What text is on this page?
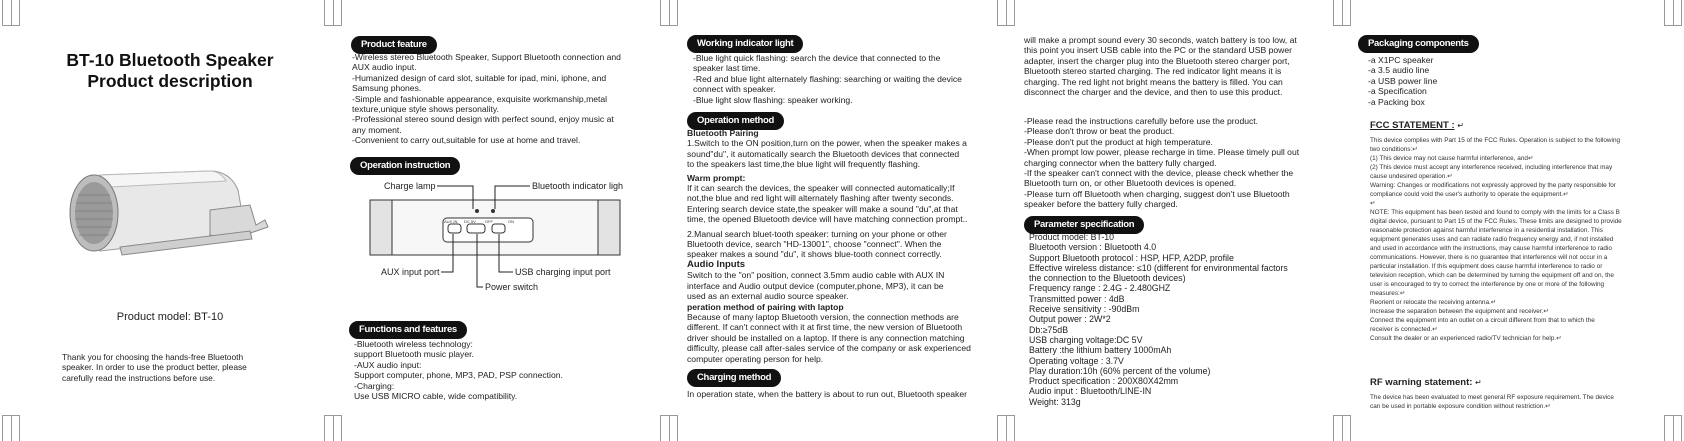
BT-10 Bluetooth Speaker
Product description
Product model: BT-10

Thank you for choosing the hands-free Bluetooth

speaker. In order to use the product better, please

carefully read the instructions before use.

Product feature

-Wireless stereo Bluetooth Speaker, Support Bluetooth connection and

AUX audio input.

-Humanized design of card slot, suitable for ipad, mini, iphone, and

Samsung phones.

-Simple and fashionable appearance, exquisite workmanship,metal

texture,unique style shows personality.

-Professional stereo sound design with perfect sound, enjoy music at

any moment.

-Convenient to carry out,suitable for use at home and travel.

Operation instruction
Charge lamp	Bluetooth indicator ligh
AUX IN DC 5V OFF	ON
AUX input port	USB charging input port
Power switch
Functions and features

-Bluetooth wireless technology:

support Bluetooth music player.

-AUX audio input:

Support computer, phone, MP3, PAD, PSP connection.

-Charging:

Use USB MICRO cable, wide compatibility.

Working indicator light

-Blue light quick flashing: search the device that connected to the

speaker last time.

-Red and blue light alternately flashing: searching or waiting the device

connect with speaker.

-Blue light slow flashing: speaker working.

Operation method

Bluetooth Pairing

1.Switch to the ON position,turn on the power, when the speaker makes a

sound"du", it automatically search the Bluetooth devices that connected

to the speakers last time,the blue light will frequently flashing.

Warm prompt:

If it can search the devices, the speaker will connected automatically;If

not,the blue and red light will alternately flashing after twenty seconds.

Entering search device state,the speaker will make a sound "du",at that

time, the opened Bluetooth device will have matching connection prompt..

2.Manual search bluet-tooth speaker: turning on your phone or other

Bluetooth device, search "HD-13001", choose "connect". When the

speaker makes a sound "du", it shows blue-tooth connect correctly.

Audio Inputs

Switch to the "on" position, connect 3.5mm audio cable with AUX IN

interface and Audio output device (computer,phone, MP3), it can be

used as an external audio source speaker.

peration method of pairing with laptop

Because of many laptop Bluetooth version, the connection methods are

different. If can't connect with it at first time, the new version of Bluetooth

driver should be installed on a laptop. If there is any connection matching

difficulty, please call after-sales service of the company or ask experienced

computer operating person for help.

Charging method
In operation state, when the battery is about to run out, Bluetooth speaker

will make a prompt sound every 30 seconds, watch battery is too low, at

this point you insert USB cable into the PC or the standard USB power

adapter, insert the charger plug into the Bluetooth stereo charger port,

Bluetooth stereo started charging. The red indicator light means it is

charging. The red light not bright means the battery is filled. You can

disconnect the charger and the device, and then to use this product.

-Please read the instructions carefully before use the product.

-Please don't throw or beat the product.

-Please don't put the product at high temperature.

-When prompt low power, please recharge in time. Please timely pull out

charging connector when the battery fully charged.

-If the speaker can't connect with the device, please check whether the

Bluetooth turn on, or other Bluetooth devices is opened.

-Please turn off Bluetooth when charging, suggest don't use Bluetooth

speaker before the battery fully charged.

Parameter specification

Product model: BT-10

Bluetooth version : Bluetooth 4.0

Support Bluetooth protocol : HSP, HFP, A2DP, profile

Effective wireless distance: ≤10 (different for environmental factors

the connection to the Bluetooth devices)

Frequency range : 2.4G - 2.480GHZ

Transmitted power : 4dB

Receive sensitivity : -90dBm

Output power : 2W*2

Db:≥75dB

USB charging voltage:DC 5V

Battery :the lithium battery 1000mAh

Operating voltage : 3.7V

Play duration:10h (60% percent of the volume)

Product specification : 200X80X42mm

Audio input : Bluetooth/LINE-IN

Weight: 313g

Packaging components

-a X1PC speaker

-a 3.5 audio line

-a USB power line

-a Specification

-a Packing box

FCC STATEMENT : ↵

This device complies with Part 15 of the FCC Rules. Operation is subject to the following

two conditions:↵

(1) This device may not cause harmful interference, and↵

(2) This device must accept any interference received, including interference that may

cause undesired operation.↵

Warning: Changes or modifications not expressly approved by the party responsible for

compliance could void the user's authority to operate the equipment.↵

↵

NOTE: This equipment has been tested and found to comply with the limits for a Class B

digital device, pursuant to Part 15 of the FCC Rules. These limits are designed to provide

reasonable protection against harmful interference in a residential installation. This

equipment generates uses and can radiate radio frequency energy and, if not installed

and used in accordance with the instructions, may cause harmful interference to radio

communications. However, there is no guarantee that interference will not occur in a

particular installation. If this equipment does cause harmful interference to radio or

television reception, which can be determined by turning the equipment off and on, the

user is encouraged to try to correct the interference by one or more of the following

measures:↵

Reorient or relocate the receiving antenna.↵

Increase the separation between the equipment and receiver.↵

Connect the equipment into an outlet on a circuit different from that to which the

receiver is connected.↵

Consult the dealer or an experienced radio/TV technician for help.↵

RF warning statement: ↵

The device has been evaluated to meet general RF exposure requirement. The device

can be used in portable exposure condition without restriction.↵
